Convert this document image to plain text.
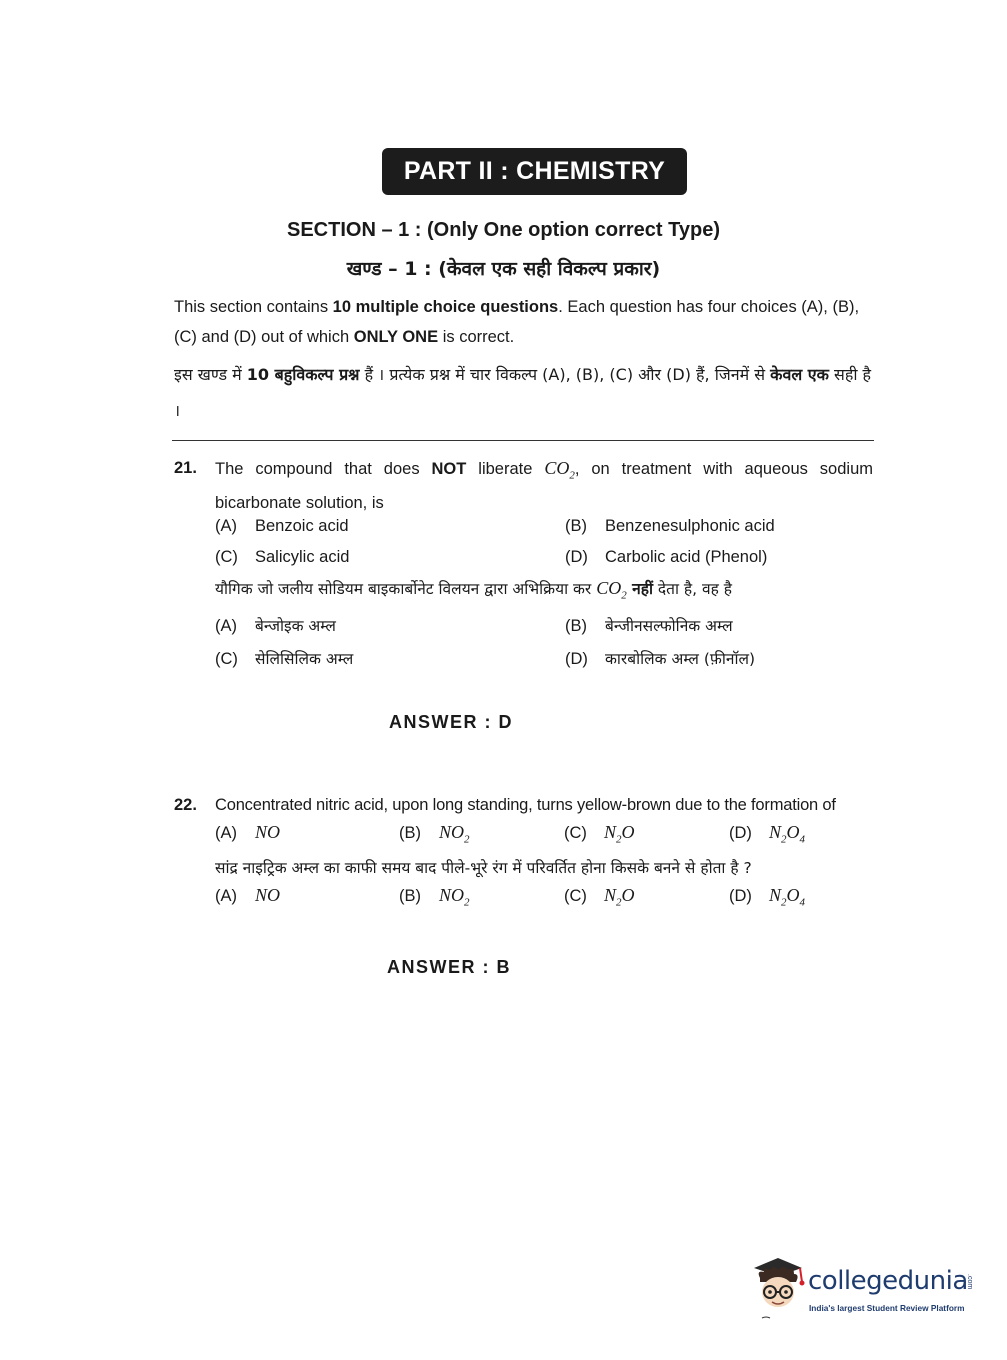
PART II : CHEMISTRY
SECTION – 1 : (Only One option correct Type)
खण्ड – 1 : (केवल एक सही विकल्प प्रकार)
This section contains 10 multiple choice questions. Each question has four choices (A), (B), (C) and (D) out of which ONLY ONE is correct.
इस खण्ड में 10 बहुविकल्प प्रश्न हैं । प्रत्येक प्रश्न में चार विकल्प (A), (B), (C) और (D) हैं, जिनमें से केवल एक सही है ।
21. The compound that does NOT liberate $CO_2$, on treatment with aqueous sodium bicarbonate solution, is
(A) Benzoic acid	(B) Benzenesulphonic acid
(C) Salicylic acid	(D) Carbolic acid (Phenol)
यौगिक जो जलीय सोडियम बाइकार्बोनेट विलयन द्वारा अभिक्रिया कर $CO_2$ नहीं देता है, वह है
(A) बेन्जोइक अम्ल	(B) बेन्जीनसल्फोनिक अम्ल
(C) सेलिसिलिक अम्ल	(D) कारबोलिक अम्ल (फ़ीनॉल)
ANSWER : D
22. Concentrated nitric acid, upon long standing, turns yellow-brown due to the formation of
(A) NO	(B) $NO_2$	(C) $N_2O$	(D) $N_2O_4$
सांद्र नाइट्रिक अम्ल का काफी समय बाद पीले-भूरे रंग में परिवर्तित होना किसके बनने से होता है ?
(A) NO	(B) $NO_2$	(C) $N_2O$	(D) $N_2O_4$
ANSWER : B
collegedunia
.com
India's largest Student Review Platform
